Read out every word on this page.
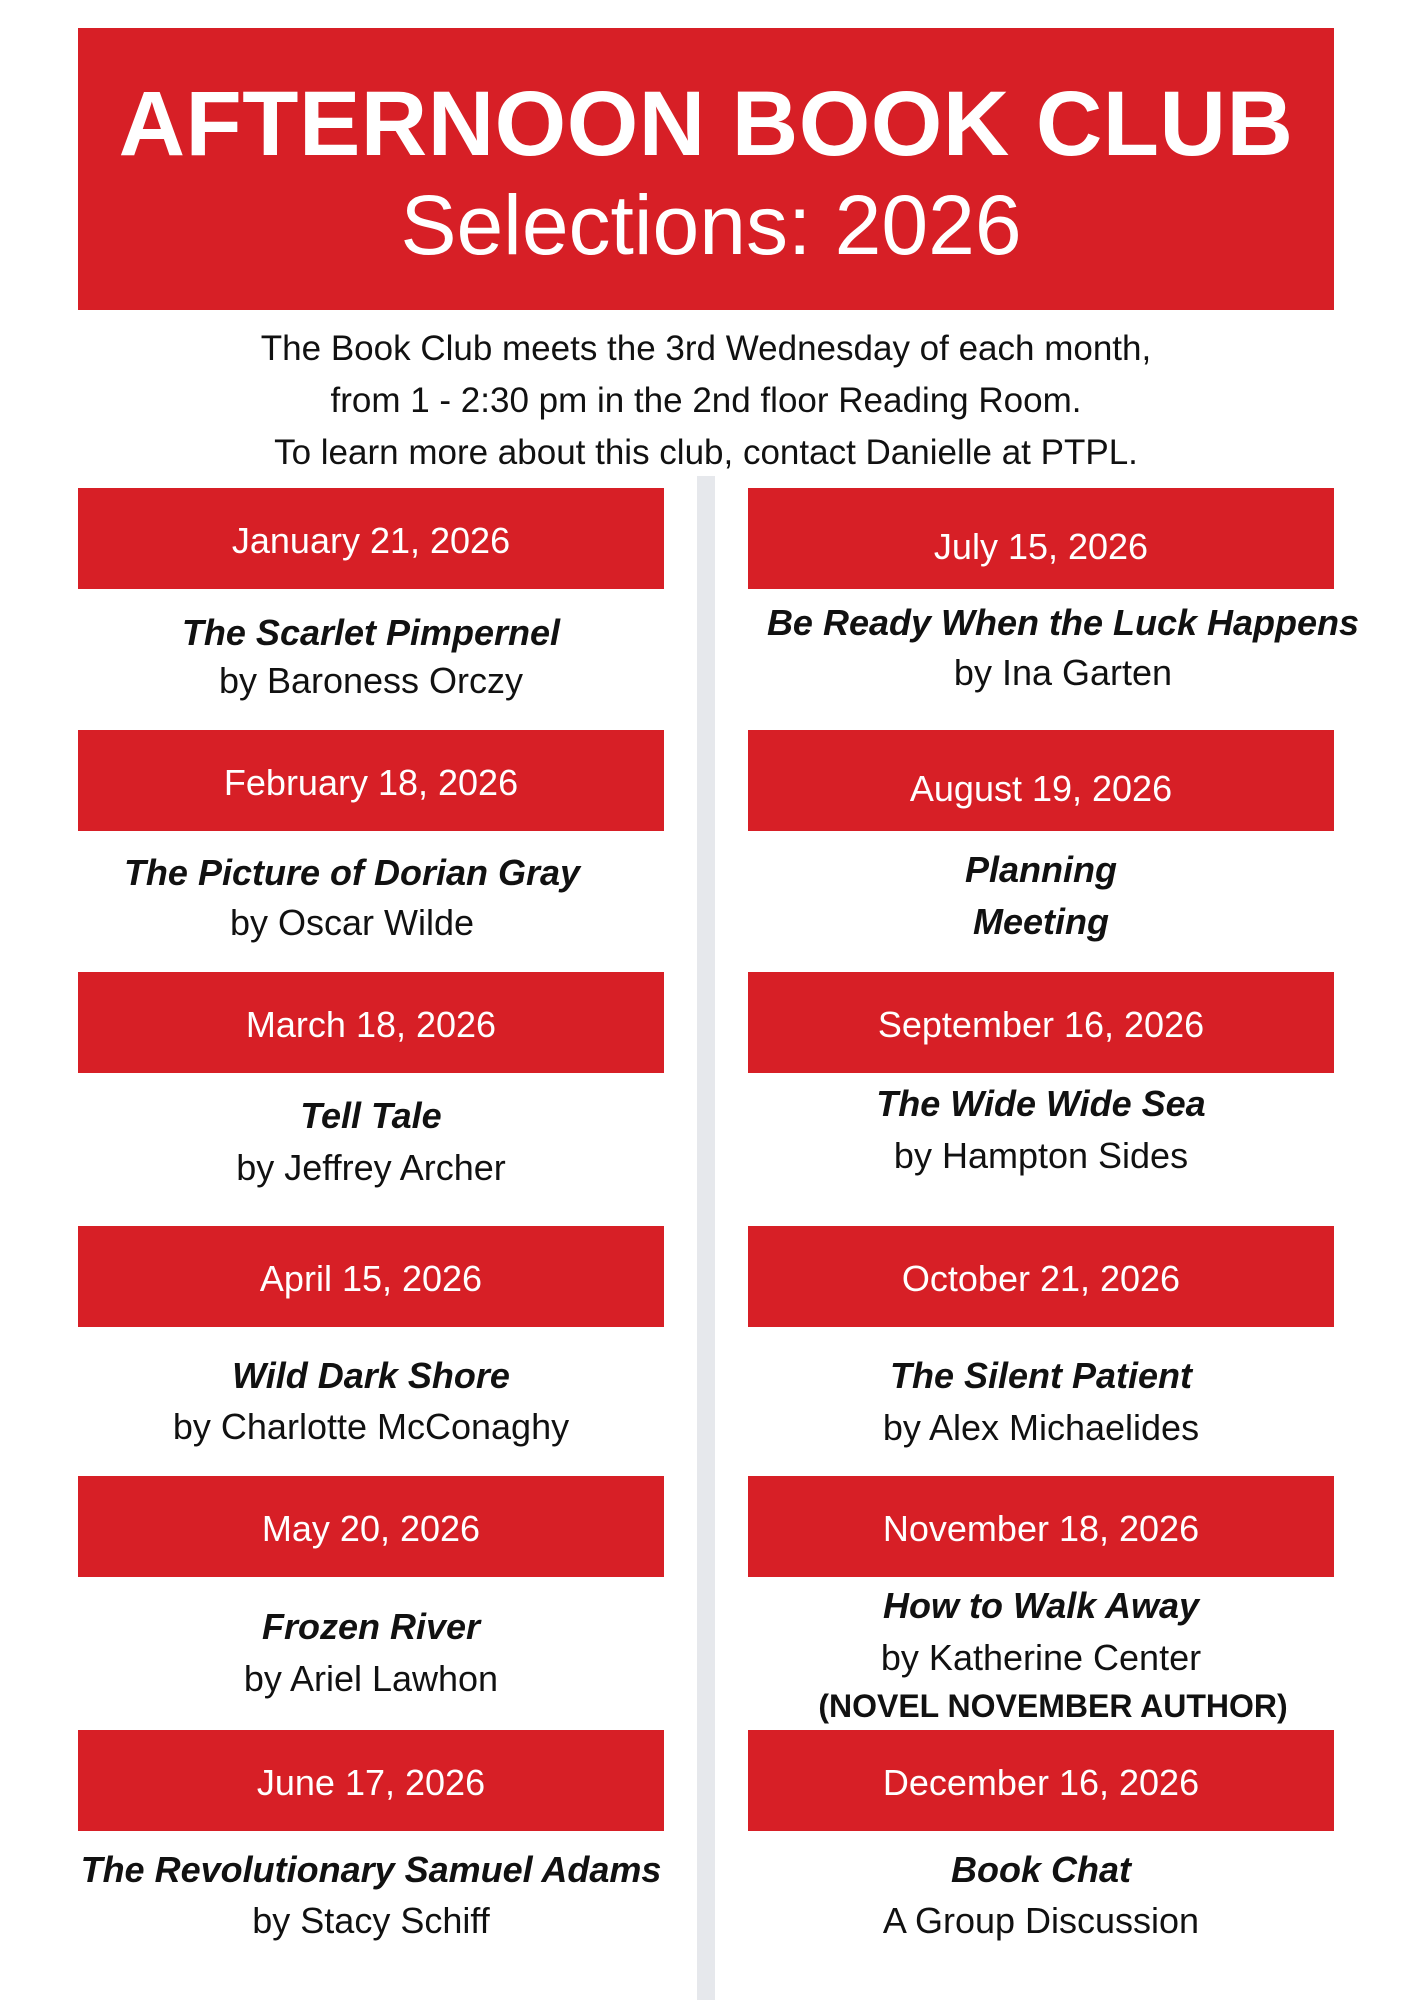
AFTERNOON BOOK CLUB
Selections: 2026
The Book Club meets the 3rd Wednesday of each month,
from 1 - 2:30 pm in the 2nd floor Reading Room.
To learn more about this club, contact Danielle at PTPL.
January 21, 2026
The Scarlet Pimpernel
by Baroness Orczy
February 18, 2026
The Picture of Dorian Gray
by Oscar Wilde
March 18, 2026
Tell Tale
by Jeffrey Archer
April 15, 2026
Wild Dark Shore
by Charlotte McConaghy
May 20, 2026
Frozen River
by Ariel Lawhon
June 17, 2026
The Revolutionary Samuel Adams
by Stacy Schiff
July 15, 2026
Be Ready When the Luck Happens
by Ina Garten
August 19, 2026
Planning
Meeting
September 16, 2026
The Wide Wide Sea
by Hampton Sides
October 21, 2026
The Silent Patient
by Alex Michaelides
November 18, 2026
How to Walk Away
by Katherine Center
(NOVEL NOVEMBER AUTHOR)
December 16, 2026
Book Chat
A Group Discussion
